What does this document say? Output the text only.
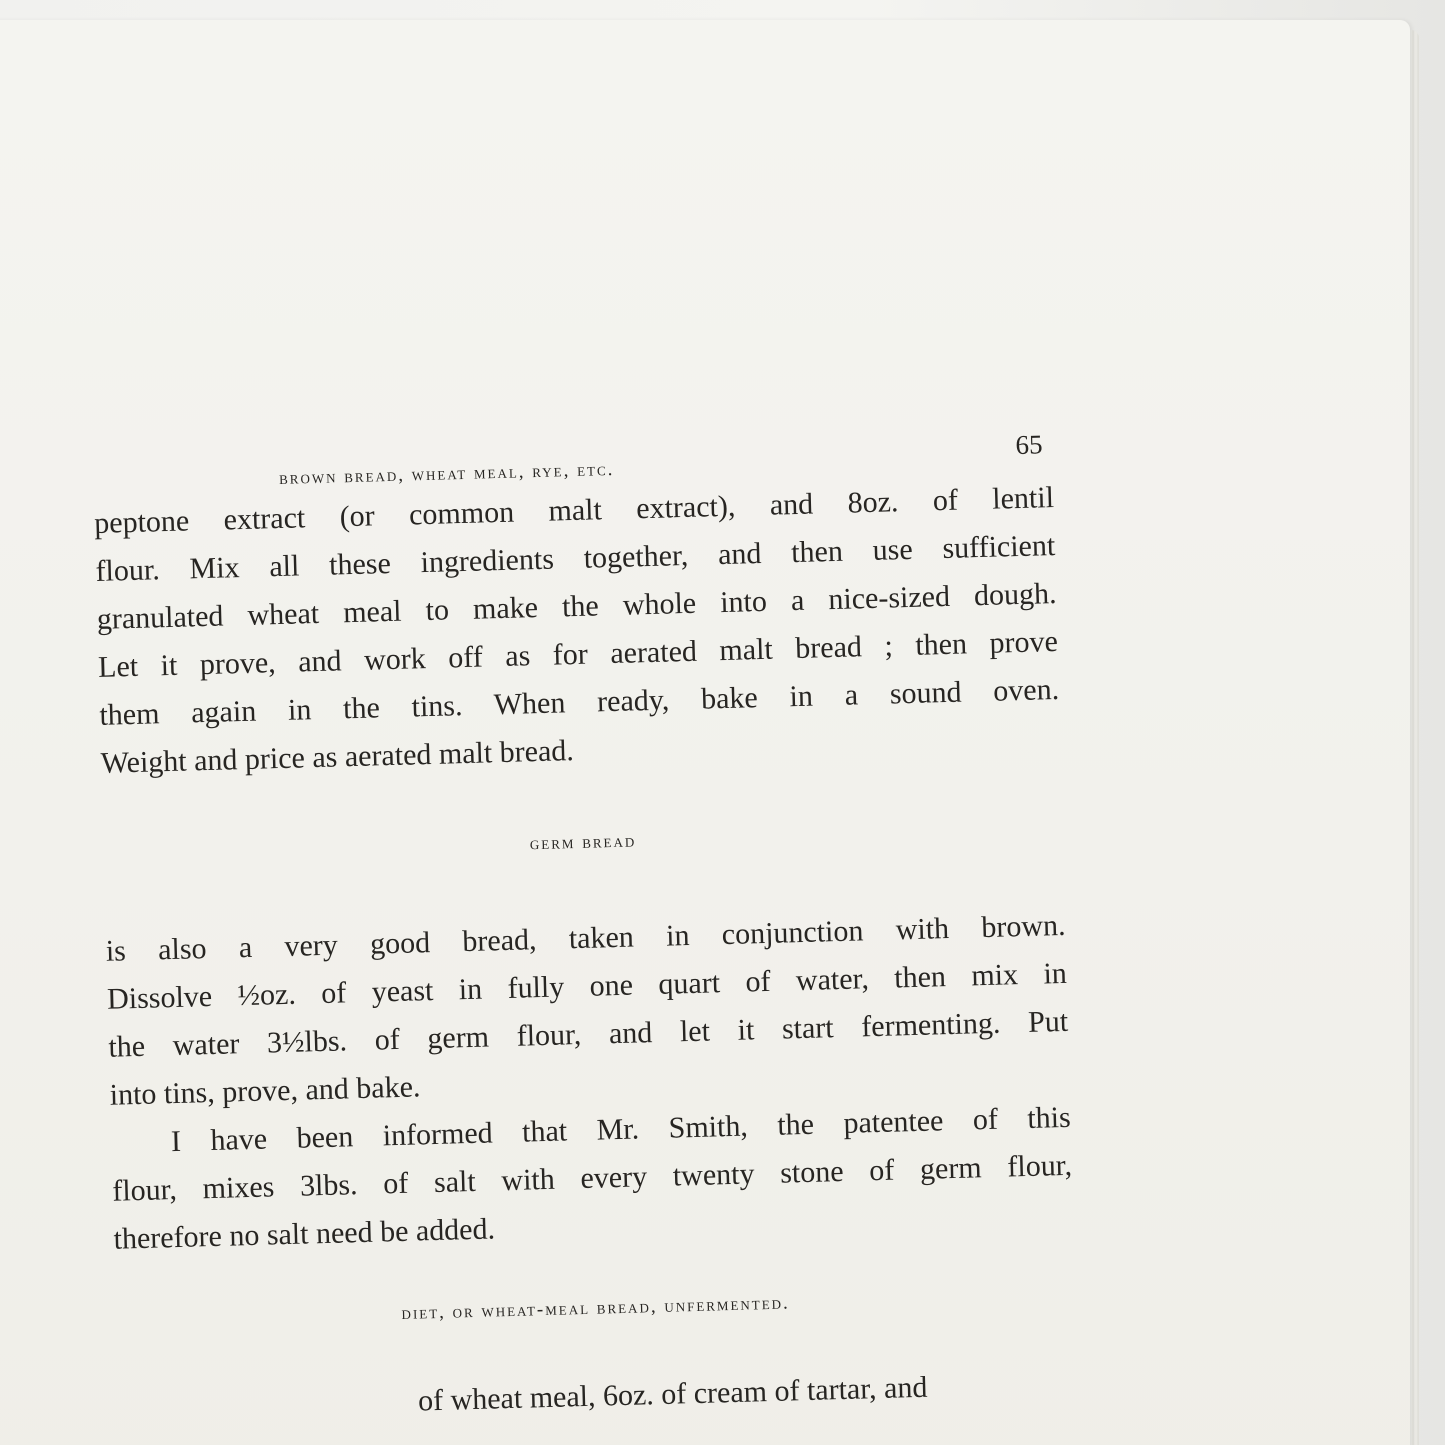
brown bread, wheat meal, rye, etc.
65
peptone extract (or common malt extract), and 8oz. of lentil
flour. Mix all these ingredients together, and then use sufficient
granulated wheat meal to make the whole into a nice-sized dough.
Let it prove, and work off as for aerated malt bread ; then prove
them again in the tins. When ready, bake in a sound oven.
Weight and price as aerated malt bread.
germ bread
is also a very good bread, taken in conjunction with brown.
Dissolve ½oz. of yeast in fully one quart of water, then mix in
the water 3½lbs. of germ flour, and let it start fermenting. Put
into tins, prove, and bake.
I have been informed that Mr. Smith, the patentee of this
flour, mixes 3lbs. of salt with every twenty stone of germ flour,
therefore no salt need be added.
diet, or wheat-meal bread, unfermented.
of wheat meal, 6oz. of cream of tartar, and
